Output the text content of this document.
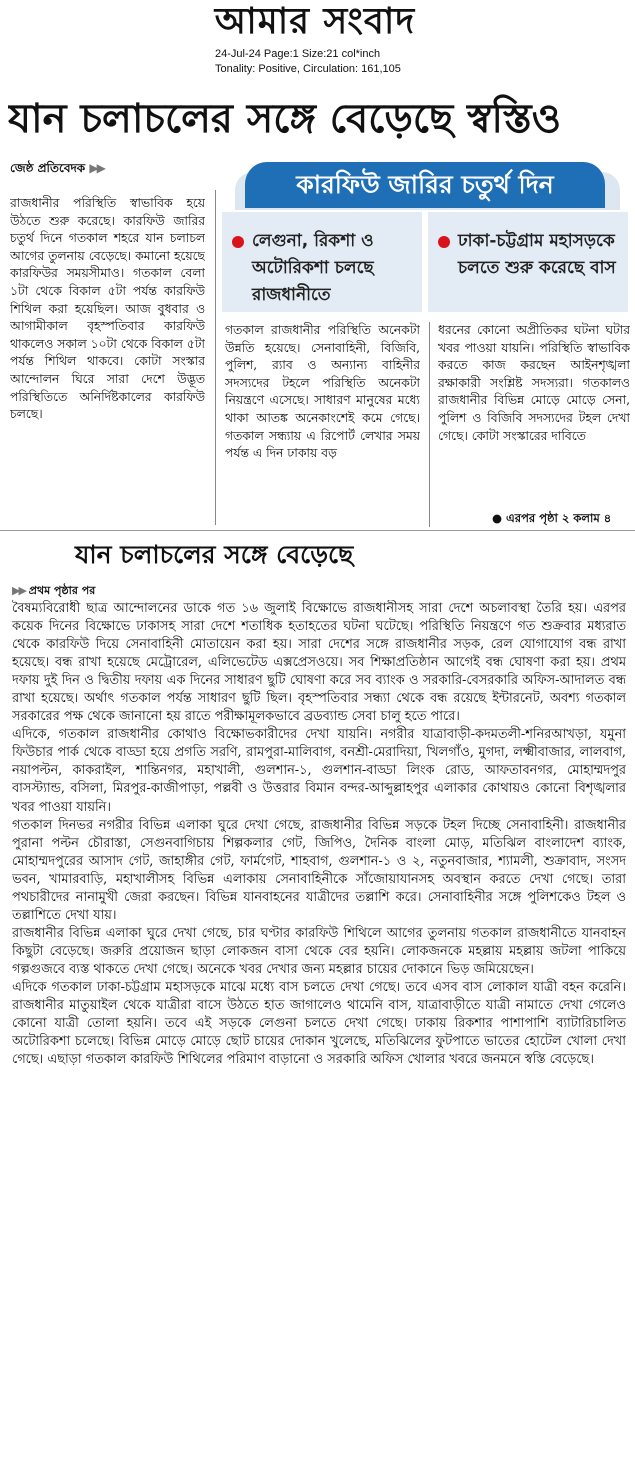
আমার সংবাদ
24-Jul-24 Page:1 Size:21 col*inch
Tonality: Positive, Circulation: 161,105
যান চলাচলের সঙ্গে বেড়েছে স্বস্তিও
জেষ্ঠ প্রতিবেদক ▶▶
রাজধানীর পরিস্থিতি স্বাভাবিক হয়ে উঠতে শুরু করেছে। কারফিউ জারির চতুর্থ দিনে গতকাল শহরে যান চলাচল আগের তুলনায় বেড়েছে। কমানো হয়েছে কারফিউর সময়সীমাও। গতকাল বেলা ১টা থেকে বিকাল ৫টা পর্যন্ত কারফিউ শিথিল করা হয়েছিল। আজ বুধবার ও আগামীকাল বৃহস্পতিবার কারফিউ থাকলেও সকাল ১০টা থেকে বিকাল ৫টা পর্যন্ত শিথিল থাকবে। কোটা সংস্কার আন্দোলন ঘিরে সারা দেশে উদ্ভূত পরিস্থিতিতে অনির্দিষ্টকালের কারফিউ চলছে।
কারফিউ জারির চতুর্থ দিন
লেগুনা, রিকশা ও অটোরিকশা চলছে রাজধানীতে
ঢাকা-চট্টগ্রাম মহাসড়কে চলতে শুরু করেছে বাস
গতকাল রাজধানীর পরিস্থিতি অনেকটা উন্নতি হয়েছে। সেনাবাহিনী, বিজিবি, পুলিশ, র‍্যাব ও অন্যান্য বাহিনীর সদস্যদের টহলে পরিস্থিতি অনেকটা নিয়ন্ত্রণে এসেছে। সাধারণ মানুষের মধ্যে থাকা আতঙ্ক অনেকাংশেই কমে গেছে। গতকাল সন্ধ্যায় এ রিপোর্ট লেখার সময় পর্যন্ত এ দিন ঢাকায় বড়
ধরনের কোনো অপ্রীতিকর ঘটনা ঘটার খবর পাওয়া যায়নি। পরিস্থিতি স্বাভাবিক করতে কাজ করছেন আইনশৃঙ্খলা রক্ষাকারী সংশ্লিষ্ট সদস্যরা। গতকালও রাজধানীর বিভিন্ন মোড়ে মোড়ে সেনা, পুলিশ ও বিজিবি সদস্যদের টহল দেখা গেছে। কোটা সংস্কারের দাবিতে
● এরপর পৃষ্ঠা ২ কলাম ৪
যান চলাচলের সঙ্গে বেড়েছে
▶▶ প্রথম পৃষ্ঠার পর

বৈষম্যবিরোধী ছাত্র আন্দোলনের ডাকে গত ১৬ জুলাই বিক্ষোভে রাজধানীসহ সারা দেশে অচলাবস্থা তৈরি হয়। এরপর কয়েক দিনের বিক্ষোভে ঢাকাসহ সারা দেশে শতাধিক হতাহতের ঘটনা ঘটেছে। পরিস্থিতি নিয়ন্ত্রণে গত শুক্রবার মধ্যরাত থেকে কারফিউ দিয়ে সেনাবাহিনী মোতায়েন করা হয়। সারা দেশের সঙ্গে রাজধানীর সড়ক, রেল যোগাযোগ বন্ধ রাখা হয়েছে। বন্ধ রাখা হয়েছে মেট্রোরেল, এলিভেটেড এক্সপ্রেসওয়ে। সব শিক্ষাপ্রতিষ্ঠান আগেই বন্ধ ঘোষণা করা হয়। প্রথম দফায় দুই দিন ও দ্বিতীয় দফায় এক দিনের সাধারণ ছুটি ঘোষণা করে সব ব্যাংক ও সরকারি-বেসরকারি অফিস-আদালত বন্ধ রাখা হয়েছে। অর্থাৎ গতকাল পর্যন্ত সাধারণ ছুটি ছিল। বৃহস্পতিবার সন্ধ্যা থেকে বন্ধ রয়েছে ইন্টারনেট, অবশ্য গতকাল সরকারের পক্ষ থেকে জানানো হয় রাতে পরীক্ষামূলকভাবে ব্রডব্যান্ড সেবা চালু হতে পারে।

এদিকে, গতকাল রাজধানীর কোথাও বিক্ষোভকারীদের দেখা যায়নি। নগরীর যাত্রাবাড়ী-কদমতলী-শনিরআখড়া, যমুনা ফিউচার পার্ক থেকে বাড্ডা হয়ে প্রগতি সরণি, রামপুরা-মালিবাগ, বনশ্রী-মেরাদিয়া, খিলগাঁও, মুগদা, লক্ষ্মীবাজার, লালবাগ, নয়াপল্টন, কাকরাইল, শান্তিনগর, মহাখালী, গুলশান-১, গুলশান-বাড্ডা লিংক রোড, আফতাবনগর, মোহাম্মদপুর বাসস্ট্যান্ড, বসিলা, মিরপুর-কাজীপাড়া, পল্লবী ও উত্তরার বিমান বন্দর-আব্দুল্লাহপুর এলাকার কোথায়ও কোনো বিশৃঙ্খলার খবর পাওয়া যায়নি।

গতকাল দিনভর নগরীর বিভিন্ন এলাকা ঘুরে দেখা গেছে, রাজধানীর বিভিন্ন সড়কে টহল দিচ্ছে সেনাবাহিনী। রাজধানীর পুরানা পল্টন চৌরাস্তা, সেগুনবাগিচায় শিল্পকলার গেট, জিপিও, দৈনিক বাংলা মোড়, মতিঝিল বাংলাদেশ ব্যাংক, মোহাম্মদপুরের আসাদ গেট, জাহাঙ্গীর গেট, ফার্মগেট, শাহবাগ, গুলশান-১ ও ২, নতুনবাজার, শ্যামলী, শুক্রাবাদ, সংসদ ভবন, খামারবাড়ি, মহাখালীসহ বিভিন্ন এলাকায় সেনাবাহিনীকে সাঁজোয়াযানসহ অবস্থান করতে দেখা গেছে। তারা পথচারীদের নানামুখী জেরা করছেন। বিভিন্ন যানবাহনের যাত্রীদের তল্লাশি করে। সেনাবাহিনীর সঙ্গে পুলিশকেও টহল ও তল্লাশিতে দেখা যায়।

রাজধানীর বিভিন্ন এলাকা ঘুরে দেখা গেছে, চার ঘণ্টার কারফিউ শিথিলে আগের তুলনায় গতকাল রাজধানীতে যানবাহন কিছুটা বেড়েছে। জরুরি প্রয়োজন ছাড়া লোকজন বাসা থেকে বের হয়নি। লোকজনকে মহল্লায় মহল্লায় জটলা পাকিয়ে গল্পগুজবে ব্যস্ত থাকতে দেখা গেছে। অনেকে খবর দেখার জন্য মহল্লার চায়ের দোকানে ভিড় জমিয়েছেন।

এদিকে গতকাল ঢাকা-চট্টগ্রাম মহাসড়কে মাঝে মধ্যে বাস চলতে দেখা গেছে। তবে এসব বাস লোকাল যাত্রী বহন করেনি। রাজধানীর মাতুয়াইল থেকে যাত্রীরা বাসে উঠতে হাত জাগালেও থামেনি বাস, যাত্রাবাড়ীতে যাত্রী নামাতে দেখা গেলেও কোনো যাত্রী তোলা হয়নি। তবে এই সড়কে লেগুনা চলতে দেখা গেছে। ঢাকায় রিকশার পাশাপাশি ব্যাটারিচালিত অটোরিকশা চলেছে। বিভিন্ন মোড়ে মোড়ে ছোট চায়ের দোকান খুলেছে, মতিঝিলের ফুটপাতে ভাতের হোটেল খোলা দেখা গেছে। এছাড়া গতকাল কারফিউ শিথিলের পরিমাণ বাড়ানো ও সরকারি অফিস খোলার খবরে জনমনে স্বস্তি বেড়েছে।
